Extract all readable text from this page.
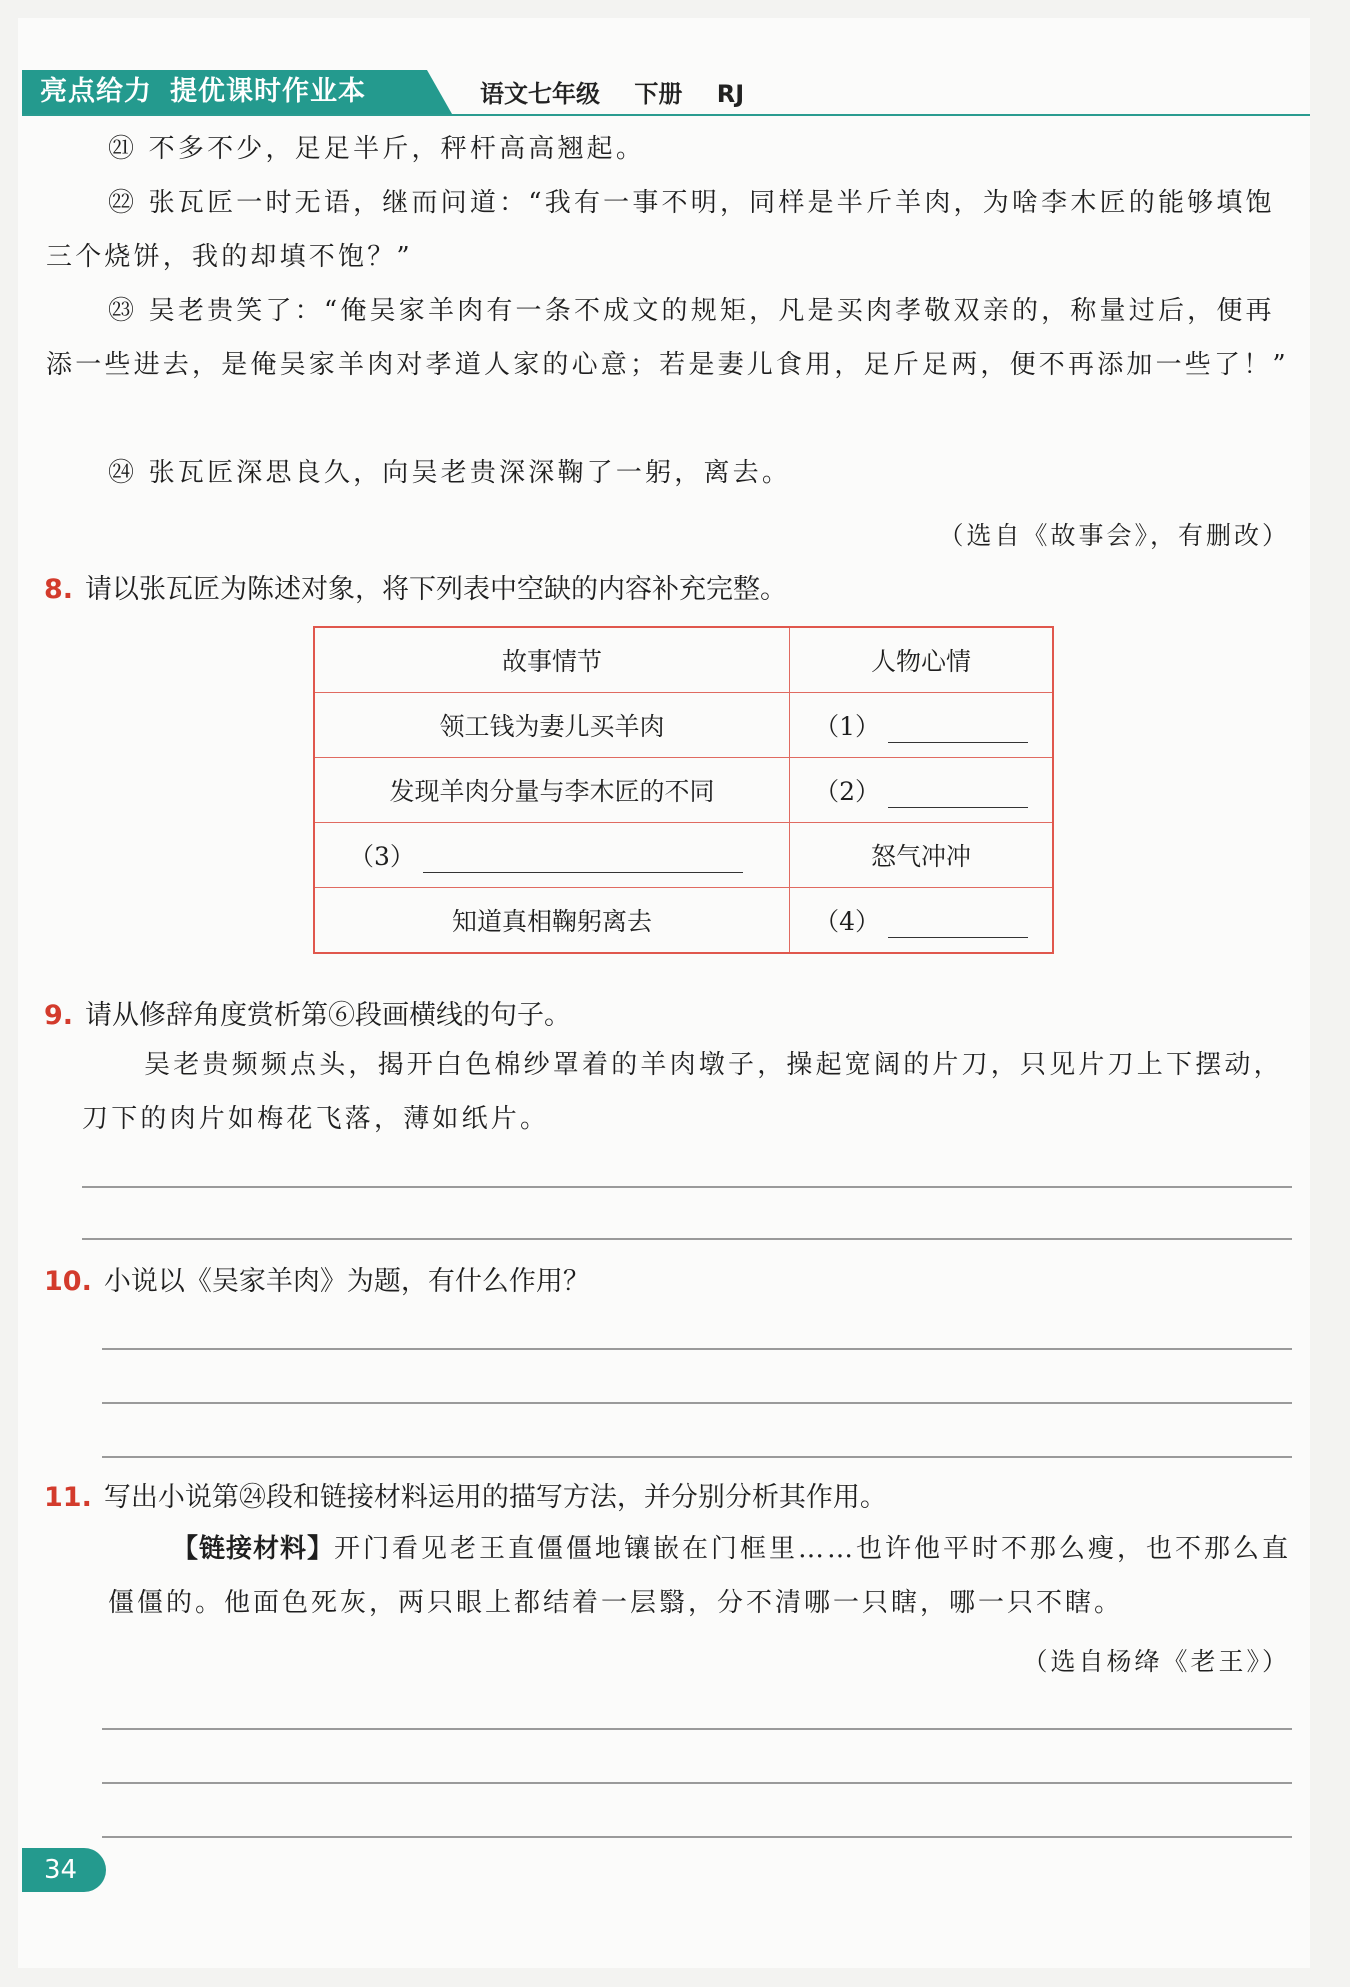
亮点给力 提优课时作业本	语文七年级 下册 RJ
㉑ 不多不少，足足半斤，秤杆高高翘起。
㉒ 张瓦匠一时无语，继而问道：“我有一事不明，同样是半斤羊肉，为啥李木匠的能够填饱三个烧饼，我的却填不饱？”
㉓ 吴老贵笑了：“俺吴家羊肉有一条不成文的规矩，凡是买肉孝敬双亲的，称量过后，便再添一些进去，是俺吴家羊肉对孝道人家的心意；若是妻儿食用，足斤足两，便不再添加一些了！”
㉔ 张瓦匠深思良久，向吴老贵深深鞠了一躬，离去。
（选自《故事会》，有删改）
8. 请以张瓦匠为陈述对象，将下列表中空缺的内容补充完整。
故事情节	人物心情
领工钱为妻儿买羊肉	（1）
发现羊肉分量与李木匠的不同	（2）
（3）	怒气冲冲
知道真相鞠躬离去	（4）
9. 请从修辞角度赏析第⑥段画横线的句子。
吴老贵频频点头，揭开白色棉纱罩着的羊肉墩子，操起宽阔的片刀，只见片刀上下摆动，刀下的肉片如梅花飞落，薄如纸片。
10. 小说以《吴家羊肉》为题，有什么作用？
11. 写出小说第㉔段和链接材料运用的描写方法，并分别分析其作用。
【链接材料】开门看见老王直僵僵地镶嵌在门框里……也许他平时不那么瘦，也不那么直僵僵的。他面色死灰，两只眼上都结着一层翳，分不清哪一只瞎，哪一只不瞎。
（选自杨绛《老王》）
34
